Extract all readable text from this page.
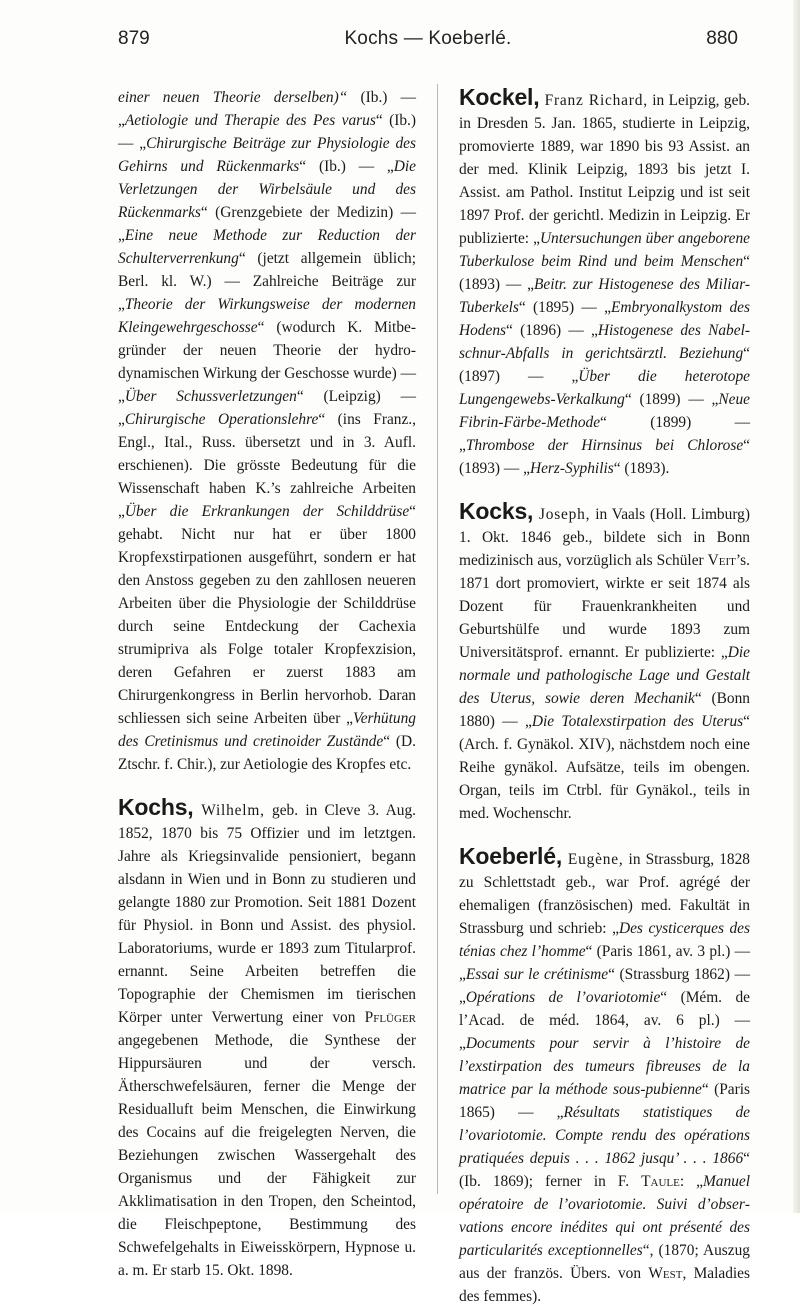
879	Kochs — Koeberlé.	880

einer neuen Theorie derselben)“ (Ib.) — „Aetiologie und Therapie des Pes varus“ (Ib.) — „Chirurgische Beiträge zur Physiologie des Gehirns und Rückenmarks“ (Ib.) — „Die Verletzungen der Wirbelsäule und des Rückenmarks“ (Grenzgebiete der Medizin) — „Eine neue Methode zur Reduction der Schulterverrenkung“ (jetzt allgemein üblich; Berl. kl. W.) — Zahlreiche Beiträge zur „Theorie der Wirkungsweise der modernen Kleingewehrgeschosse“ (wodurch K. Mitbegründer der neuen Theorie der hydrodynamischen Wirkung der Geschosse wurde) — „Über Schussverletzungen“ (Leipzig) — „Chirurgische Operationslehre“ (ins Franz., Engl., Ital., Russ. übersetzt und in 3. Aufl. erschienen). Die grösste Bedeutung für die Wissenschaft haben K.’s zahlreiche Arbeiten „Über die Erkrankungen der Schilddrüse“ gehabt. Nicht nur hat er über 1800 Kropfexstirpationen ausgeführt, sondern er hat den Anstoss gegeben zu den zahllosen neueren Arbeiten über die Physiologie der Schilddrüse durch seine Entdeckung der Cachexia strumipriva als Folge totaler Kropfexzision, deren Gefahren er zuerst 1883 am Chirurgenkongress in Berlin hervorhob. Daran schliessen sich seine Arbeiten über „Verhütung des Cretinismus und cretinoider Zustände“ (D. Ztschr. f. Chir.), zur Aetiologie des Kropfes etc.

Kochs, Wilhelm, geb. in Cleve 3. Aug. 1852, 1870 bis 75 Offizier und im letztgen. Jahre als Kriegsinvalide pensioniert, begann alsdann in Wien und in Bonn zu studieren und gelangte 1880 zur Promotion. Seit 1881 Dozent für Physiol. in Bonn und Assist. des physiol. Laboratoriums, wurde er 1893 zum Titularprof. ernannt. Seine Arbeiten betreffen die Topographie der Chemismen im tierischen Körper unter Verwertung einer von Pflüger angegebenen Methode, die Synthese der Hippursäuren und der versch. Ätherschwefelsäuren, ferner die Menge der Residualluft beim Menschen, die Einwirkung des Cocains auf die freigelegten Nerven, die Beziehungen zwischen Wassergehalt des Organismus und der Fähigkeit zur Akklimatisation in den Tropen, den Scheintod, die Fleischpeptone, Bestimmung des Schwefelgehalts in Eiweisskörpern, Hypnose u. a. m. Er starb 15. Okt. 1898.

Kockel, Franz Richard, in Leipzig, geb. in Dresden 5. Jan. 1865, studierte in Leipzig, promovierte 1889, war 1890 bis 93 Assist. an der med. Klinik Leipzig, 1893 bis jetzt I. Assist. am Pathol. Institut Leipzig und ist seit 1897 Prof. der gerichtl. Medizin in Leipzig. Er publizierte: „Untersuchungen über angeborene Tuberkulose beim Rind und beim Menschen“ (1893) — „Beitr. zur Histogenese des Miliar-Tuberkels“ (1895) — „Embryonalkystom des Hodens“ (1896) — „Histogenese des Nabelschnur-Abfalls in gerichtsärztl. Beziehung“ (1897) — „Über die heterotope Lungengewebs-Verkalkung“ (1899) — „Neue Fibrin-Färbe-Methode“ (1899) — „Thrombose der Hirnsinus bei Chlorose“ (1893) — „Herz-Syphilis“ (1893).

Kocks, Joseph, in Vaals (Holl. Limburg) 1. Okt. 1846 geb., bildete sich in Bonn medizinisch aus, vorzüglich als Schüler Veit’s. 1871 dort promoviert, wirkte er seit 1874 als Dozent für Frauenkrankheiten und Geburtshülfe und wurde 1893 zum Universitätsprof. ernannt. Er publizierte: „Die normale und pathologische Lage und Gestalt des Uterus, sowie deren Mechanik“ (Bonn 1880) — „Die Totalexstirpation des Uterus“ (Arch. f. Gynäkol. XIV), nächstdem noch eine Reihe gynäkol. Aufsätze, teils im obengen. Organ, teils im Ctrbl. für Gynäkol., teils in med. Wochenschr.

Koeberlé, Eugène, in Strassburg, 1828 zu Schlettstadt geb., war Prof. agrégé der ehemaligen (französischen) med. Fakultät in Strassburg und schrieb: „Des cysticerques des ténias chez l’homme“ (Paris 1861, av. 3 pl.) — „Essai sur le crétinisme“ (Strassburg 1862) — „Opérations de l’ovariotomie“ (Mém. de l’Acad. de méd. 1864, av. 6 pl.) — „Documents pour servir à l’histoire de l’exstirpation des tumeurs fibreuses de la matrice par la méthode sous-pubienne“ (Paris 1865) — „Résultats statistiques de l’ovariotomie. Compte rendu des opérations pratiquées depuis . . . 1862 jusqu’ . . . 1866“ (Ib. 1869); ferner in F. Taule: „Manuel opératoire de l’ovariotomie. Suivi d’observations encore inédites qui ont présenté des particularités exceptionnelles“, (1870; Auszug aus der französ. Übers. von West, Maladies des femmes).
